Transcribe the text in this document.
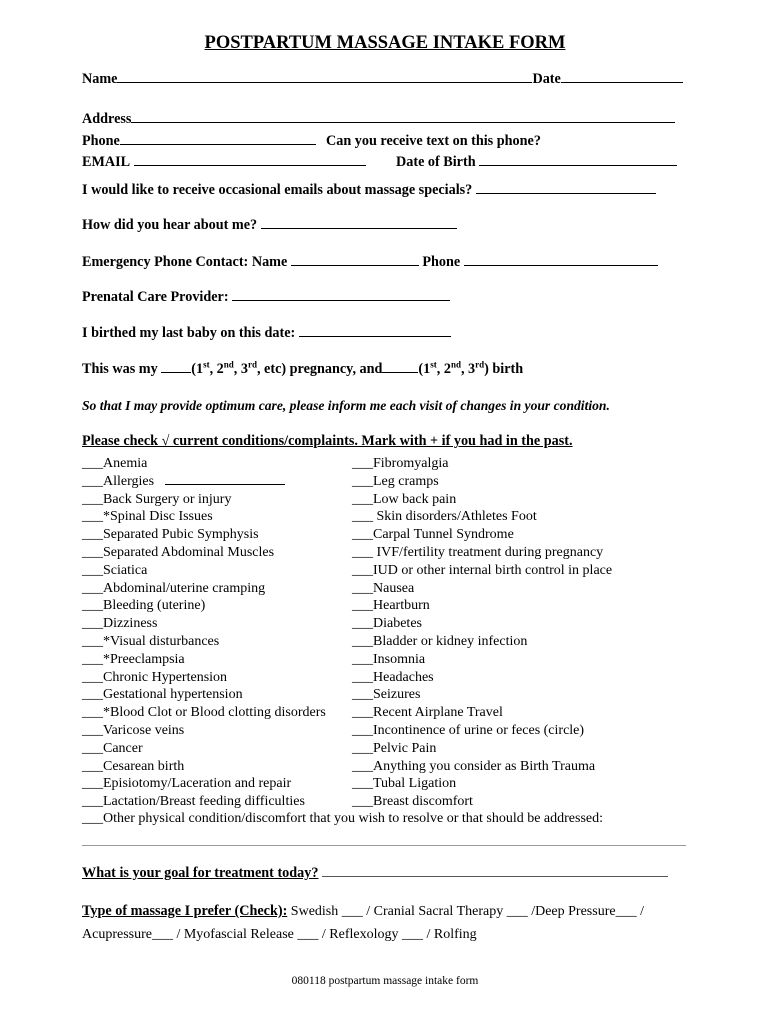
POSTPARTUM MASSAGE INTAKE FORM
Name	Date
Address
Phone	Can you receive text on this phone?
EMAIL	Date of Birth
I would like to receive occasional emails about massage specials?
How did you hear about me?
Emergency Phone Contact: Name	Phone
Prenatal Care Provider:
I birthed my last baby on this date:
This was my (1st, 2nd, 3rd, etc) pregnancy, and	(1st, 2nd, 3rd) birth
So that I may provide optimum care, please inform me each visit of changes in your condition.
Please check √ current conditions/complaints. Mark with + if you had in the past.
___Anemia
___Allergies
___Back Surgery or injury
___*Spinal Disc Issues
___Separated Pubic Symphysis
___Separated Abdominal Muscles
___Sciatica
___Abdominal/uterine cramping
___Bleeding (uterine)
___Dizziness
___*Visual disturbances
___*Preeclampsia
___Chronic Hypertension
___Gestational hypertension
___*Blood Clot or Blood clotting disorders
___Varicose veins
___Cancer
___Cesarean birth
___Episiotomy/Laceration and repair
___Lactation/Breast feeding difficulties
___Fibromyalgia
___Leg cramps
___Low back pain
___ Skin disorders/Athletes Foot
___Carpal Tunnel Syndrome
___ IVF/fertility treatment during pregnancy
___IUD or other internal birth control in place
___Nausea
___Heartburn
___Diabetes
___Bladder or kidney infection
___Insomnia
___Headaches
___Seizures
___Recent Airplane Travel
___Incontinence of urine or feces (circle)
___Pelvic Pain
___Anything you consider as Birth Trauma
___Tubal Ligation
___Breast discomfort
___Other physical condition/discomfort that you wish to resolve or that should be addressed:
What is your goal for treatment today?
Type of massage I prefer (Check): Swedish ___ / Cranial Sacral Therapy ___ /Deep Pressure___ /
Acupressure___ / Myofascial Release ___ / Reflexology ___ / Rolfing
080118 postpartum massage intake form
